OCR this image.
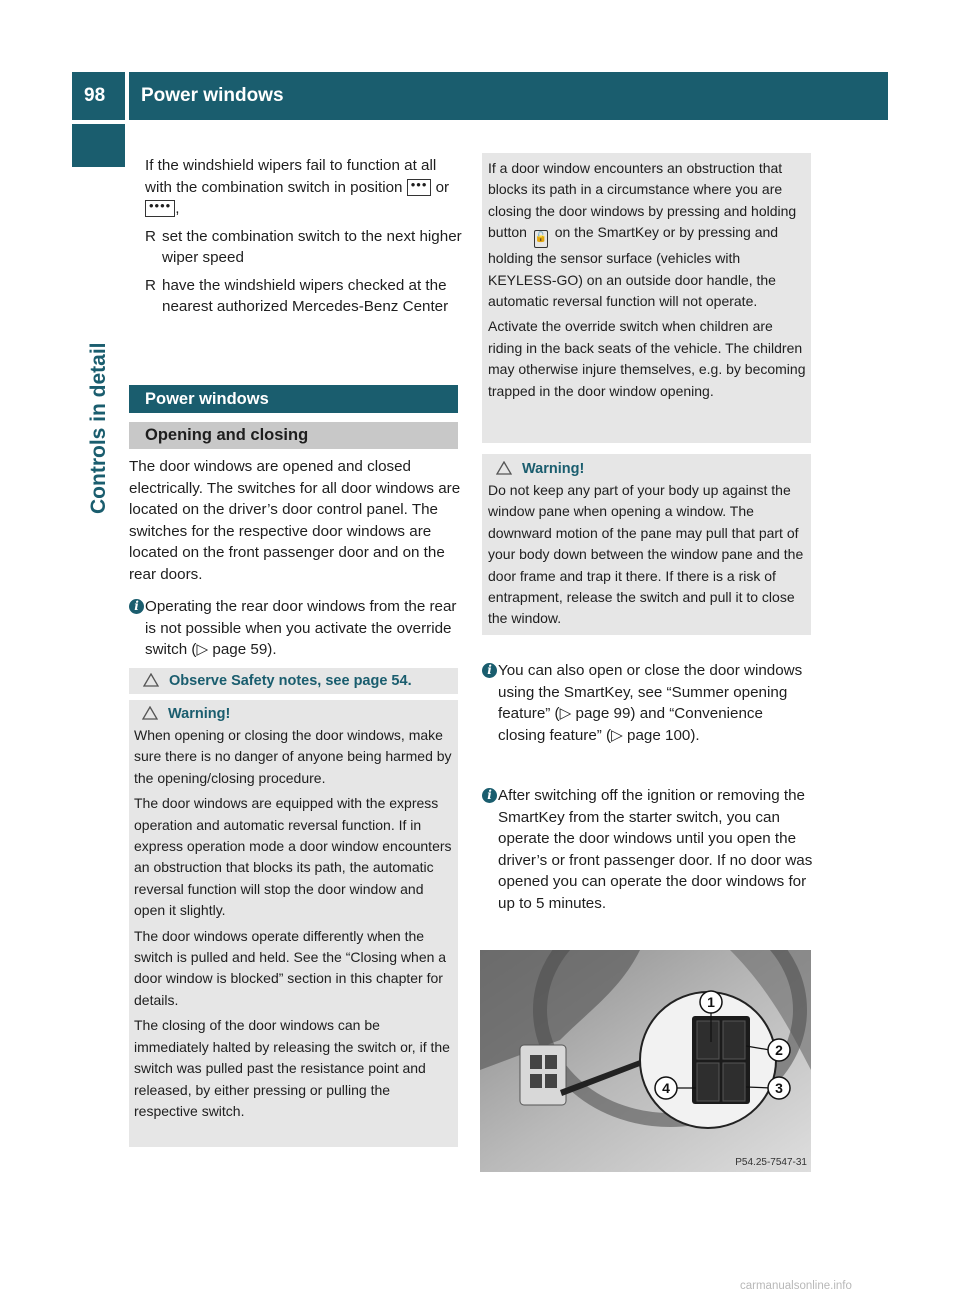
98 Power windows
Controls in detail
If the windshield wipers fail to function at all with the combination switch in position ••• or •••• ,
R set the combination switch to the next higher wiper speed
R have the windshield wipers checked at the nearest authorized Mercedes-Benz Center
Power windows
Opening and closing
The door windows are opened and closed electrically. The switches for all door windows are located on the driver’s door control panel. The switches for the respective door windows are located on the front passenger door and on the rear doors.
i Operating the rear door windows from the rear is not possible when you activate the override switch (▷ page 59).
Observe Safety notes, see page 54.
Warning!
When opening or closing the door windows, make sure there is no danger of anyone being harmed by the opening/closing procedure.
The door windows are equipped with the express operation and automatic reversal function. If in express operation mode a door window encounters an obstruction that blocks its path, the automatic reversal function will stop the door window and open it slightly.
The door windows operate differently when the switch is pulled and held. See the “Closing when a door window is blocked” section in this chapter for details.
The closing of the door windows can be immediately halted by releasing the switch or, if the switch was pulled past the resistance point and released, by either pressing or pulling the respective switch.
If a door window encounters an obstruction that blocks its path in a circumstance where you are closing the door windows by pressing and holding button 🔓 on the SmartKey or by pressing and holding the sensor surface (vehicles with KEYLESS-GO) on an outside door handle, the automatic reversal function will not operate.
Activate the override switch when children are riding in the back seats of the vehicle. The children may otherwise injure themselves, e.g. by becoming trapped in the door window opening.
Warning!
Do not keep any part of your body up against the window pane when opening a window. The downward motion of the pane may pull that part of your body down between the window pane and the door frame and trap it there. If there is a risk of entrapment, release the switch and pull it to close the window.
i You can also open or close the door windows using the SmartKey, see “Summer opening feature” (▷ page 99) and “Convenience closing feature” (▷ page 100).
i After switching off the ignition or removing the SmartKey from the starter switch, you can operate the door windows until you open the driver’s or front passenger door. If no door was opened you can operate the door windows for up to 5 minutes.
1
2
3
4
P54.25-7547-31
carmanualsonline.info
